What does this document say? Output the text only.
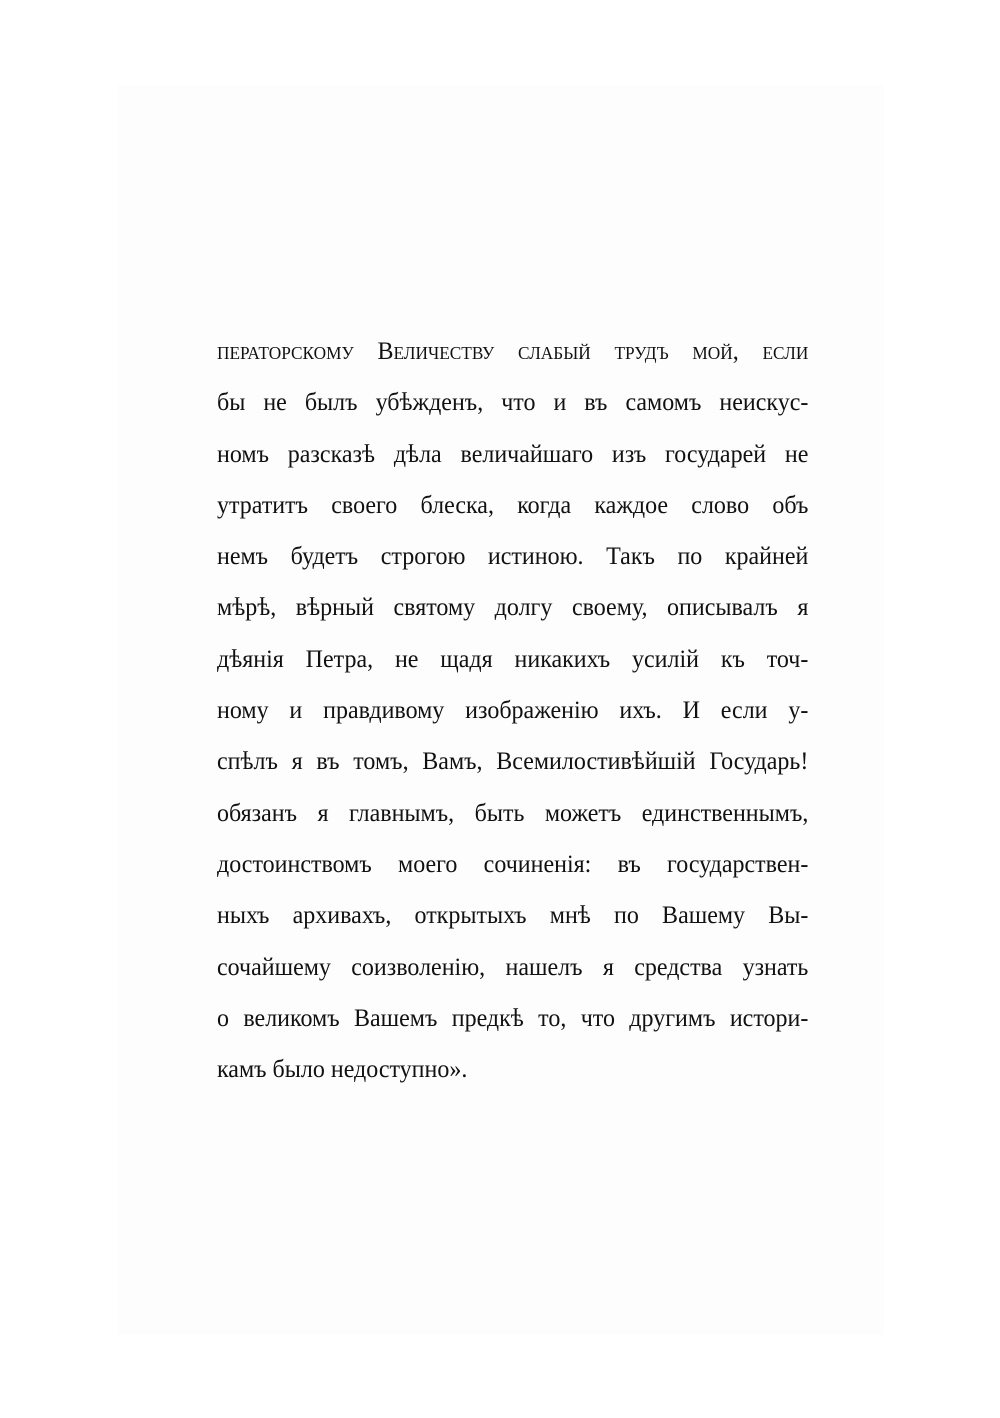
ператорскому Величеству слабый трудъ мой, если
бы не былъ убѣжденъ, что и въ самомъ неискус-
номъ разсказѣ дѣла величайшаго изъ государей не
утратитъ своего блеска, когда каждое слово объ
немъ будетъ строгою истиною. Такъ по крайней
мѣрѣ, вѣрный святому долгу своему, описывалъ я
дѣянія Петра, не щадя никакихъ усилій къ точ-
ному и правдивому изображенію ихъ. И если у-
спѣлъ я въ томъ, Вамъ, Всемилостивѣйшій Государь!
обязанъ я главнымъ, быть можетъ единственнымъ,
достоинствомъ моего сочиненія: въ государствен-
ныхъ архивахъ, открытыхъ мнѣ по Вашему Вы-
сочайшему соизволенію, нашелъ я средства узнать
о великомъ Вашемъ предкѣ то, что другимъ истори-
камъ было недоступно».
